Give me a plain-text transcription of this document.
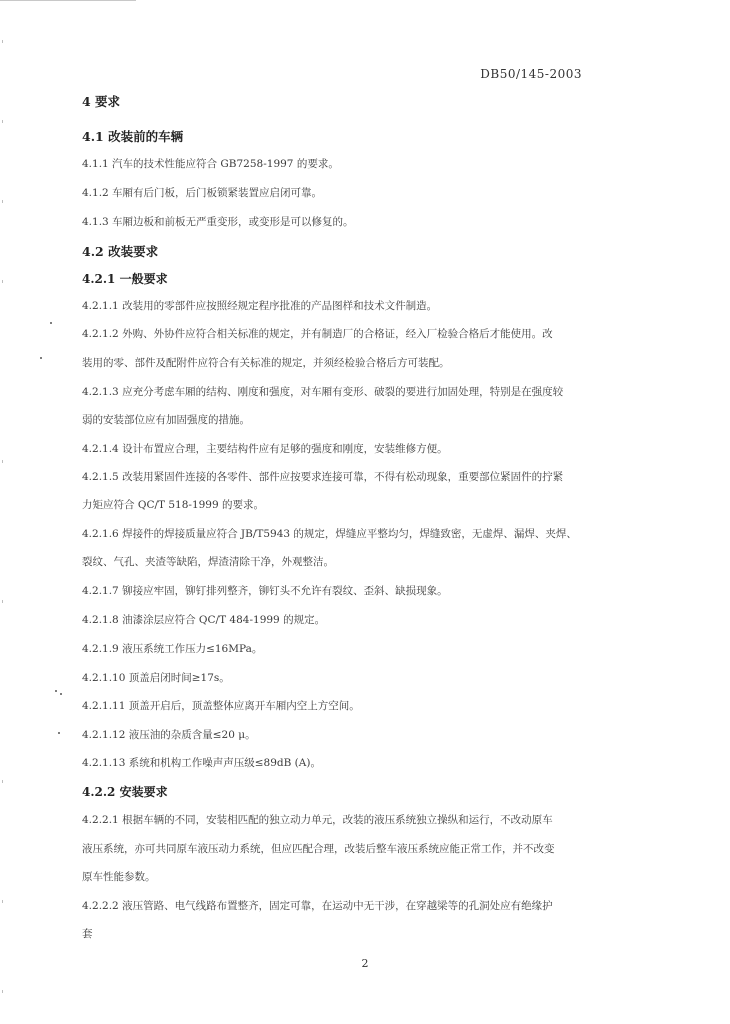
DB50/145-2003
4 要求
4.1 改装前的车辆
4.1.1 汽车的技术性能应符合 GB7258-1997 的要求。
4.1.2 车厢有后门板，后门板锁紧装置应启闭可靠。
4.1.3 车厢边板和前板无严重变形，或变形是可以修复的。
4.2 改装要求
4.2.1 一般要求
4.2.1.1 改装用的零部件应按照经规定程序批准的产品图样和技术文件制造。
4.2.1.2 外购、外协件应符合相关标准的规定，并有制造厂的合格证，经入厂检验合格后才能使用。改
装用的零、部件及配附件应符合有关标准的规定，并须经检验合格后方可装配。
4.2.1.3 应充分考虑车厢的结构、刚度和强度，对车厢有变形、破裂的要进行加固处理，特别是在强度较
弱的安装部位应有加固强度的措施。
4.2.1.4 设计布置应合理，主要结构件应有足够的强度和刚度，安装维修方便。
4.2.1.5 改装用紧固件连接的各零件、部件应按要求连接可靠，不得有松动现象，重要部位紧固件的拧紧
力矩应符合 QC/T 518-1999 的要求。
4.2.1.6 焊接件的焊接质量应符合 JB/T5943 的规定，焊缝应平整均匀，焊缝致密，无虚焊、漏焊、夹焊、
裂纹、气孔、夹渣等缺陷，焊渣清除干净，外观整洁。
4.2.1.7 铆接应牢固，铆钉排列整齐，铆钉头不允许有裂纹、歪斜、缺损现象。
4.2.1.8 油漆涂层应符合 QC/T 484-1999 的规定。
4.2.1.9 液压系统工作压力≤16MPa。
4.2.1.10 顶盖启闭时间≥17s。
4.2.1.11 顶盖开启后，顶盖整体应离开车厢内空上方空间。
4.2.1.12 液压油的杂质含量≤20 μ。
4.2.1.13 系统和机构工作噪声声压级≤89dB (A)。
4.2.2 安装要求
4.2.2.1 根据车辆的不同，安装相匹配的独立动力单元，改装的液压系统独立操纵和运行，不改动原车
液压系统，亦可共同原车液压动力系统，但应匹配合理，改装后整车液压系统应能正常工作，并不改变
原车性能参数。
4.2.2.2 液压管路、电气线路布置整齐，固定可靠，在运动中无干涉，在穿越梁等的孔洞处应有绝缘护
套
2
